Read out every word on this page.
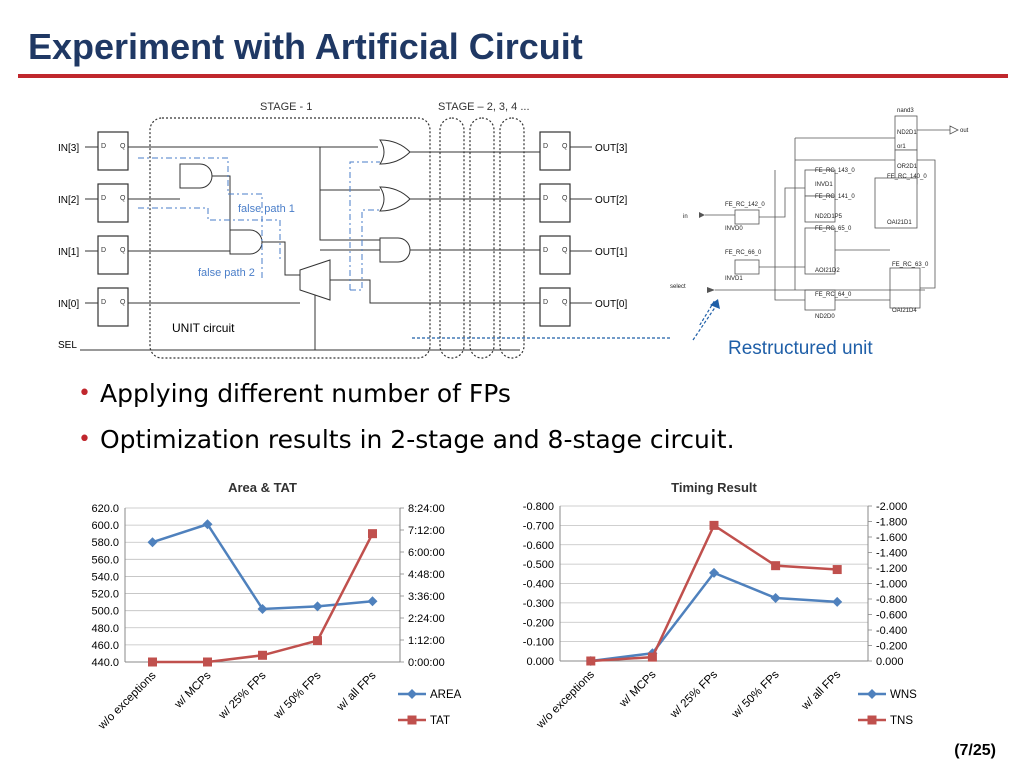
Experiment with Artificial Circuit
STAGE - 1	STAGE – 2, 3, 4 ...
D Q
D Q
D Q
D Q
D Q
D Q
D Q
D Q
IN[3]
IN[2]
IN[1]
IN[0]
SEL
OUT[3]
OUT[2]
OUT[1]
OUT[0]
UNIT circuit
false path 1
false path 2
nand3
ND2D1
or1
OR2D1
FE_RC_143_0
INVD1
FE_RC_141_0
ND2D1P5
FE_RC_140_0
OAI21D1
FE_RC_142_0
INVD0	FE_RC_65_0
FE_RC_66_0
INVD1
AOI21D2
FE_RC_63_0
FE_RC_64_0
ND2D0
OAI21D4
in
select
out
Restructured unit
• Applying different number of FPs
• Optimization results in 2-stage and 8-stage circuit.
Area & TAT
620.0
600.0
580.0
560.0
540.0
520.0
500.0
480.0
460.0
440.0
8:24:00
7:12:00
6:00:00
4:48:00
3:36:00
2:24:00
1:12:00
0:00:00
w/o exceptions w/ MCPs w/ 25% FPs w/ 50% FPs w/ all FPs	AREA
TAT
Timing Result
-0.800
-0.700
-0.600
-0.500
-0.400
-0.300
-0.200
-0.100
0.000
-2.000
-1.800
-1.600
-1.400
-1.200
-1.000
-0.800
-0.600
-0.400
-0.200
0.000
w/o exceptions w/ MCPs w/ 25% FPs w/ 50% FPs w/ all FPs	WNS
TNS
(7/25)
